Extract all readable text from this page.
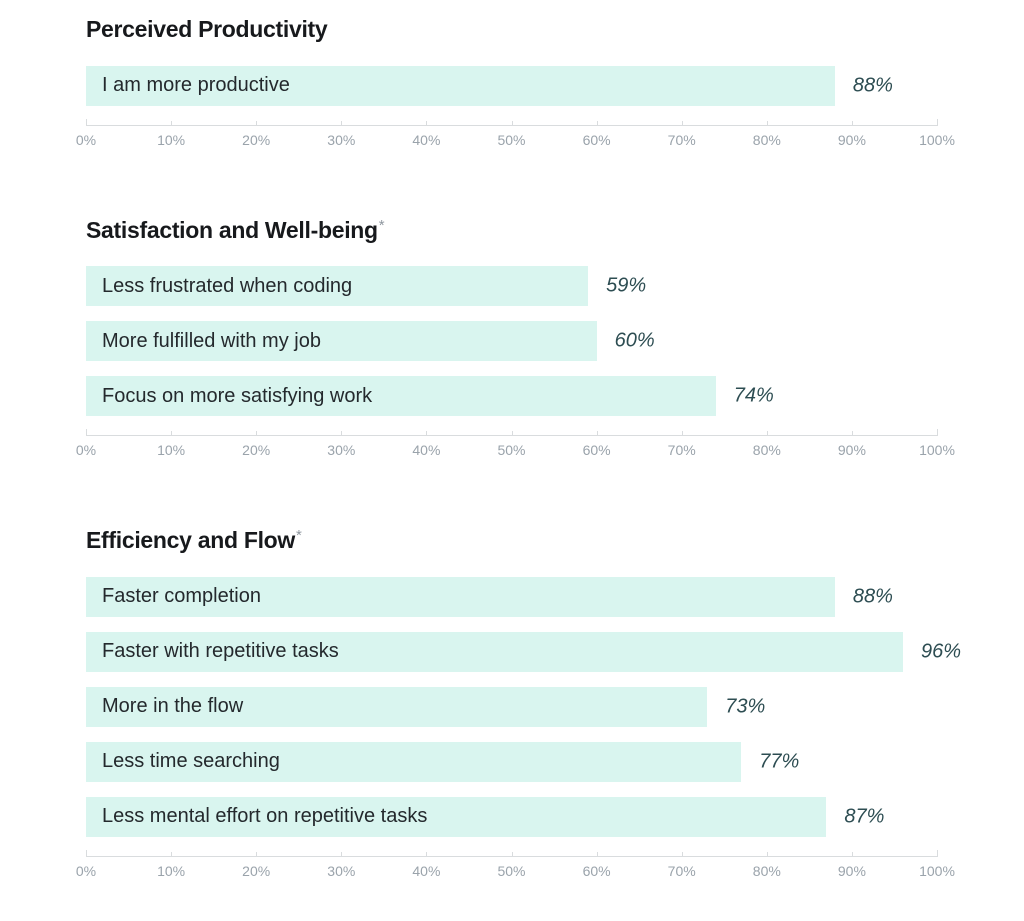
Perceived Productivity
I am more productive	88%
0%	10%	20%	30%	40%	50%	60%	70%	80%	90%	100%
Satisfaction and Well-being*
Less frustrated when coding	59%
More fulfilled with my job	60%
Focus on more satisfying work	74%
0%	10%	20%	30%	40%	50%	60%	70%	80%	90%	100%
Efficiency and Flow*
Faster completion	88%
Faster with repetitive tasks	96%
More in the flow	73%
Less time searching	77%
Less mental effort on repetitive tasks	87%
0%	10%	20%	30%	40%	50%	60%	70%	80%	90%	100%
